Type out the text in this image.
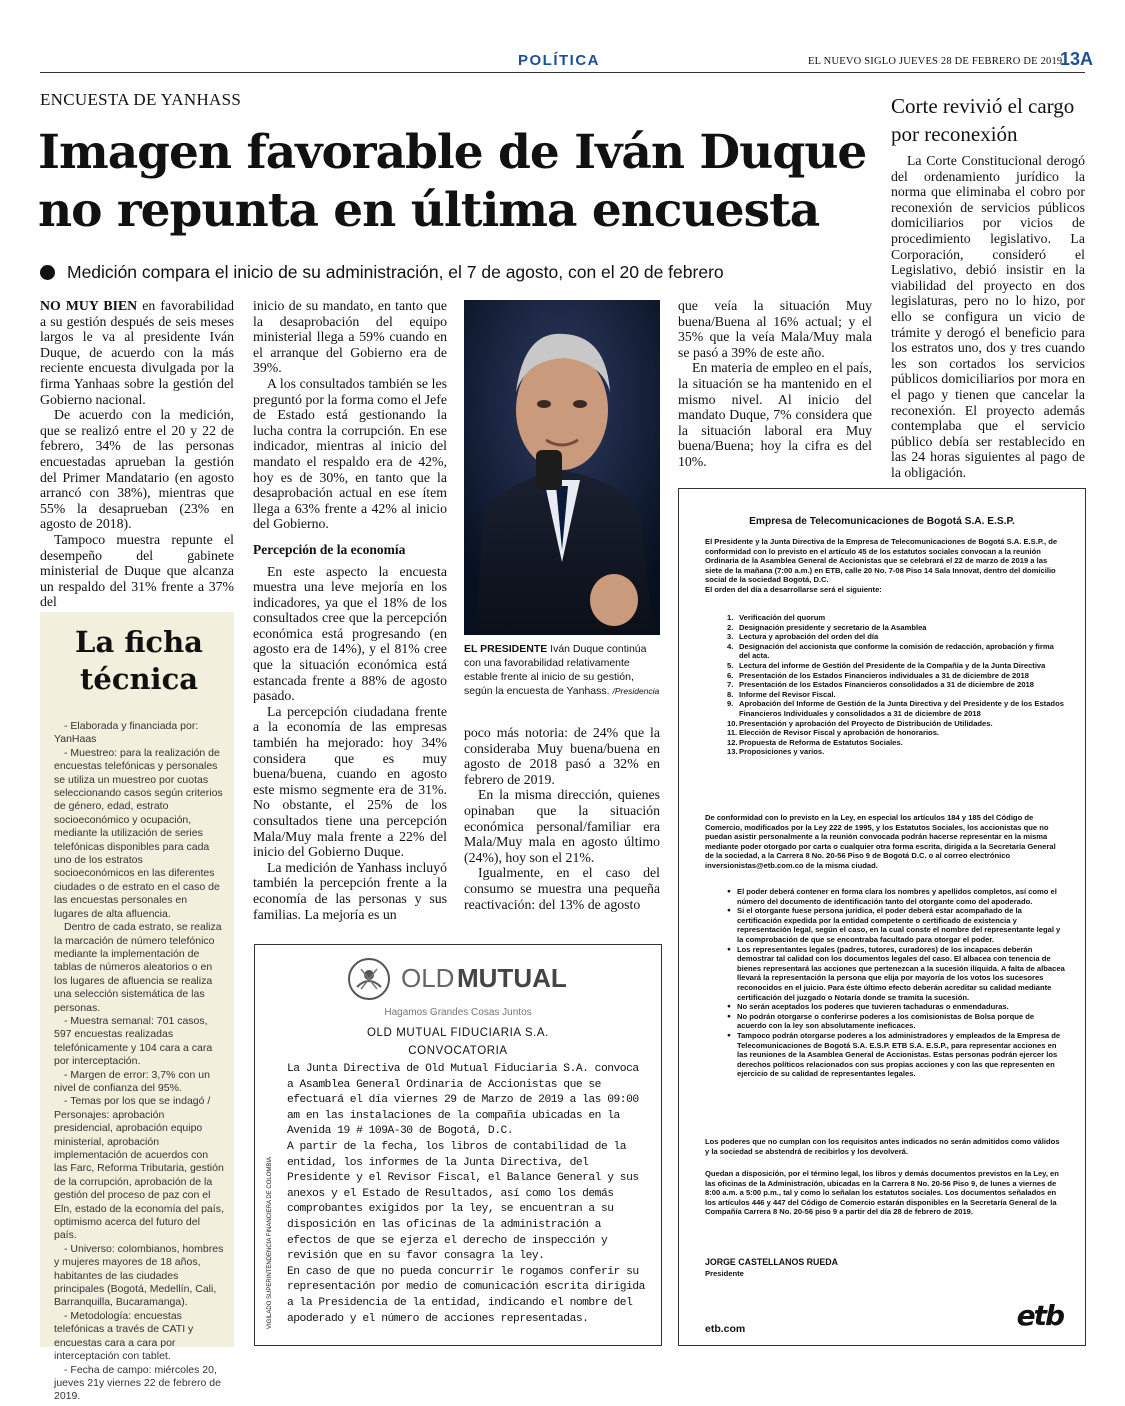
POLÍTICA	EL NUEVO SIGLO JUEVES 28 DE FEBRERO DE 2019
13A
ENCUESTA DE YANHASS
Imagen favorable de Iván Duque no repunta en última encuesta
Medición compara el inicio de su administración, el 7 de agosto, con el 20 de febrero

NO MUY BIEN en favorabilidad a su gestión después de seis meses largos le va al presidente Iván Duque, de acuerdo con la más reciente encuesta divulgada por la firma Yanhaas sobre la gestión del Gobierno nacional.

De acuerdo con la medición, que se realizó entre el 20 y 22 de febrero, 34% de las personas encuestadas aprueban la gestión del Primer Mandatario (en agosto arrancó con 38%), mientras que 55% la desaprueban (23% en agosto de 2018).

Tampoco muestra repunte el desempeño del gabinete ministerial de Duque que alcanza un respaldo del 31% frente a 37% del

inicio de su mandato, en tanto que la desaprobación del equipo ministerial llega a 59% cuando en el arranque del Gobierno era de 39%.

A los consultados también se les preguntó por la forma como el Jefe de Estado está gestionando la lucha contra la corrupción. En ese indicador, mientras al inicio del mandato el respaldo era de 42%, hoy es de 30%, en tanto que la desaprobación actual en ese ítem llega a 63% frente a 42% al inicio del Gobierno.

Percepción de la economía

En este aspecto la encuesta muestra una leve mejoría en los indicadores, ya que el 18% de los consultados cree que la percepción económica está progresando (en agosto era de 14%), y el 81% cree que la situación económica está estancada frente a 88% de agosto pasado.

La percepción ciudadana frente a la economía de las empresas también ha mejorado: hoy 34% considera que es muy buena/buena, cuando en agosto este mismo segmente era de 31%. No obstante, el 25% de los consultados tiene una percepción Mala/Muy mala frente a 22% del inicio del Gobierno Duque.

La medición de Yanhass incluyó también la percepción frente a la economía de las personas y sus familias. La mejoría es un

EL PRESIDENTE Iván Duque continúa con una favorabilidad relativamente estable frente al inicio de su gestión, según la encuesta de Yanhass. /Presidencia

poco más notoria: de 24% que la consideraba Muy buena/buena en agosto de 2018 pasó a 32% en febrero de 2019.

En la misma dirección, quienes opinaban que la situación económica personal/familiar era Mala/Muy mala en agosto último (24%), hoy son el 21%.

Igualmente, en el caso del consumo se muestra una pequeña reactivación: del 13% de agosto

que veía la situación Muy buena/Buena al 16% actual; y el 35% que la veía Mala/Muy mala se pasó a 39% de este año.

En materia de empleo en el país, la situación se ha mantenido en el mismo nivel. Al inicio del mandato Duque, 7% considera que la situación laboral era Muy buena/Buena; hoy la cifra es del 10%.

Corte revivió el cargo por reconexión

La Corte Constitucional derogó del ordenamiento jurídico la norma que eliminaba el cobro por reconexión de servicios públicos domiciliarios por vicios de procedimiento legislativo. La Corporación, consideró el Legislativo, debió insistir en la viabilidad del proyecto en dos legislaturas, pero no lo hizo, por ello se configura un vicio de trámite y derogó el beneficio para los estratos uno, dos y tres cuando les son cortados los servicios públicos domiciliarios por mora en el pago y tienen que cancelar la reconexión. El proyecto además contemplaba que el servicio público debía ser restablecido en las 24 horas siguientes al pago de la obligación.

La ficha técnica

- Elaborada y financiada por: YanHaas

- Muestreo: para la realización de encuestas telefónicas y personales se utiliza un muestreo por cuotas seleccionando casos según criterios de género, edad, estrato socioeconómico y ocupación, mediante la utilización de series telefónicas disponibles para cada uno de los estratos socioeconómicos en las diferentes ciudades o de estrato en el caso de las encuestas personales en lugares de alta afluencia.

Dentro de cada estrato, se realiza la marcación de número telefónico mediante la implementación de tablas de números aleatorios o en los lugares de afluencia se realiza una selección sistemática de las personas.

- Muestra semanal: 701 casos, 597 encuestas realizadas telefónicamente y 104 cara a cara por interceptación.

- Margen de error: 3,7% con un nivel de confianza del 95%.

- Temas por los que se indagó / Personajes: aprobación presidencial, aprobación equipo ministerial, aprobación implementación de acuerdos con las Farc, Reforma Tributaria, gestión de la corrupción, aprobación de la gestión del proceso de paz con el Eln, estado de la economía del país, optimismo acerca del futuro del país.

- Universo: colombianos, hombres y mujeres mayores de 18 años, habitantes de las ciudades principales (Bogotá, Medellín, Cali, Barranquilla, Bucaramanga).

- Metodología: encuestas telefónicas a través de CATI y encuestas cara a cara por interceptación con tablet.

- Fecha de campo: miércoles 20, jueves 21y viernes 22 de febrero de 2019.

OLD MUTUAL
Hagamos Grandes Cosas Juntos
OLD MUTUAL FIDUCIARIA S.A.
CONVOCATORIA

La Junta Directiva de Old Mutual Fiduciaria S.A. convoca a Asamblea General Ordinaria de Accionistas que se efectuará el día viernes 29 de Marzo de 2019 a las 09:00 am en las instalaciones de la compañía ubicadas en la Avenida 19 # 109A-30 de Bogotá, D.C.

A partir de la fecha, los libros de contabilidad de la entidad, los informes de la Junta Directiva, del Presidente y el Revisor Fiscal, el Balance General y sus anexos y el Estado de Resultados, así como los demás comprobantes exigidos por la ley, se encuentran a su disposición en las oficinas de la administración a efectos de que se ejerza el derecho de inspección y revisión que en su favor consagra la ley.

En caso de que no pueda concurrir le rogamos conferir su representación por medio de comunicación escrita dirigida a la Presidencia de la entidad, indicando el nombre del apoderado y el número de acciones representadas.

VIGILADO SUPERINTENDENCIA FINANCIERA DE COLOMBIA
Empresa de Telecomunicaciones de Bogotá S.A. E.S.P.

El Presidente y la Junta Directiva de la Empresa de Telecomunicaciones de Bogotá S.A. E.S.P., de conformidad con lo previsto en el artículo 45 de los estatutos sociales convocan a la reunión Ordinaria de la Asamblea General de Accionistas que se celebrará el 22 de marzo de 2019 a las siete de la mañana (7:00 a.m.) en ETB, calle 20 No. 7-08 Piso 14 Sala Innovat, dentro del domicilio social de la sociedad Bogotá, D.C.

El orden del día a desarrollarse será el siguiente:

1. Verificación del quorum
2. Designación presidente y secretario de la Asamblea
3. Lectura y aprobación del orden del día
4. Designación del accionista que conforme la comisión de redacción, aprobación y firma del acta.
5. Lectura del informe de Gestión del Presidente de la Compañía y de la Junta Directiva
6. Presentación de los Estados Financieros individuales a 31 de diciembre de 2018
7. Presentación de los Estados Financieros consolidados a 31 de diciembre de 2018
8. Informe del Revisor Fiscal.
9. Aprobación del Informe de Gestión de la Junta Directiva y del Presidente y de los Estados Financieros Individuales y consolidados a 31 de diciembre de 2018
10. Presentación y aprobación del Proyecto de Distribución de Utilidades.
11. Elección de Revisor Fiscal y aprobación de honorarios.
12. Propuesta de Reforma de Estatutos Sociales.
13. Proposiciones y varios.
De conformidad con lo previsto en la Ley, en especial los artículos 184 y 185 del Código de Comercio, modificados por la Ley 222 de 1995, y los Estatutos Sociales, los accionistas que no puedan asistir personalmente a la reunión convocada podrán hacerse representar en la misma mediante poder otorgado por carta o cualquier otra forma escrita, dirigida a la Secretaría General de la sociedad, a la Carrera 8 No. 20-56 Piso 9 de Bogotá D.C. o al correo electrónico inversionistas@etb.com.co de la misma ciudad.
● El poder deberá contener en forma clara los nombres y apellidos completos, así como el número del documento de identificación tanto del otorgante como del apoderado.
● Si el otorgante fuese persona jurídica, el poder deberá estar acompañado de la certificación expedida por la entidad competente o certificado de existencia y representación legal, según el caso, en la cual conste el nombre del representante legal y la comprobación de que se encontraba facultado para otorgar el poder.
● Los representantes legales (padres, tutores, curadores) de los incapaces deberán demostrar tal calidad con los documentos legales del caso. El albacea con tenencia de bienes representará las acciones que pertenezcan a la sucesión ilíquida. A falta de albacea llevará la representación la persona que elija por mayoría de los votos los sucesores reconocidos en el juicio. Para éste último efecto deberán acreditar su calidad mediante certificación del juzgado o Notaría donde se tramita la sucesión.
● No serán aceptados los poderes que tuvieren tachaduras o enmendaduras.
● No podrán otorgarse o conferirse poderes a los comisionistas de Bolsa porque de acuerdo con la ley son absolutamente ineficaces.
● Tampoco podrán otorgarse poderes a los administradores y empleados de la Empresa de Telecomunicaciones de Bogotá S.A. E.S.P. ETB S.A. E.S.P., para representar acciones en las reuniones de la Asamblea General de Accionistas. Estas personas podrán ejercer los derechos políticos relacionados con sus propias acciones y con las que representen en ejercicio de su calidad de representantes legales.
Los poderes que no cumplan con los requisitos antes indicados no serán admitidos como válidos y la sociedad se abstendrá de recibirlos y los devolverá.
Quedan a disposición, por el término legal, los libros y demás documentos previstos en la Ley, en las oficinas de la Administración, ubicadas en la Carrera 8 No. 20-56 Piso 9, de lunes a viernes de 8:00 a.m. a 5:00 p.m., tal y como lo señalan los estatutos sociales. Los documentos señalados en los artículos 446 y 447 del Código de Comercio estarán disponibles en la Secretaría General de la Compañía Carrera 8 No. 20-56 piso 9 a partir del día 28 de febrero de 2019.
JORGE CASTELLANOS RUEDA
Presidente
etb.com	etb
